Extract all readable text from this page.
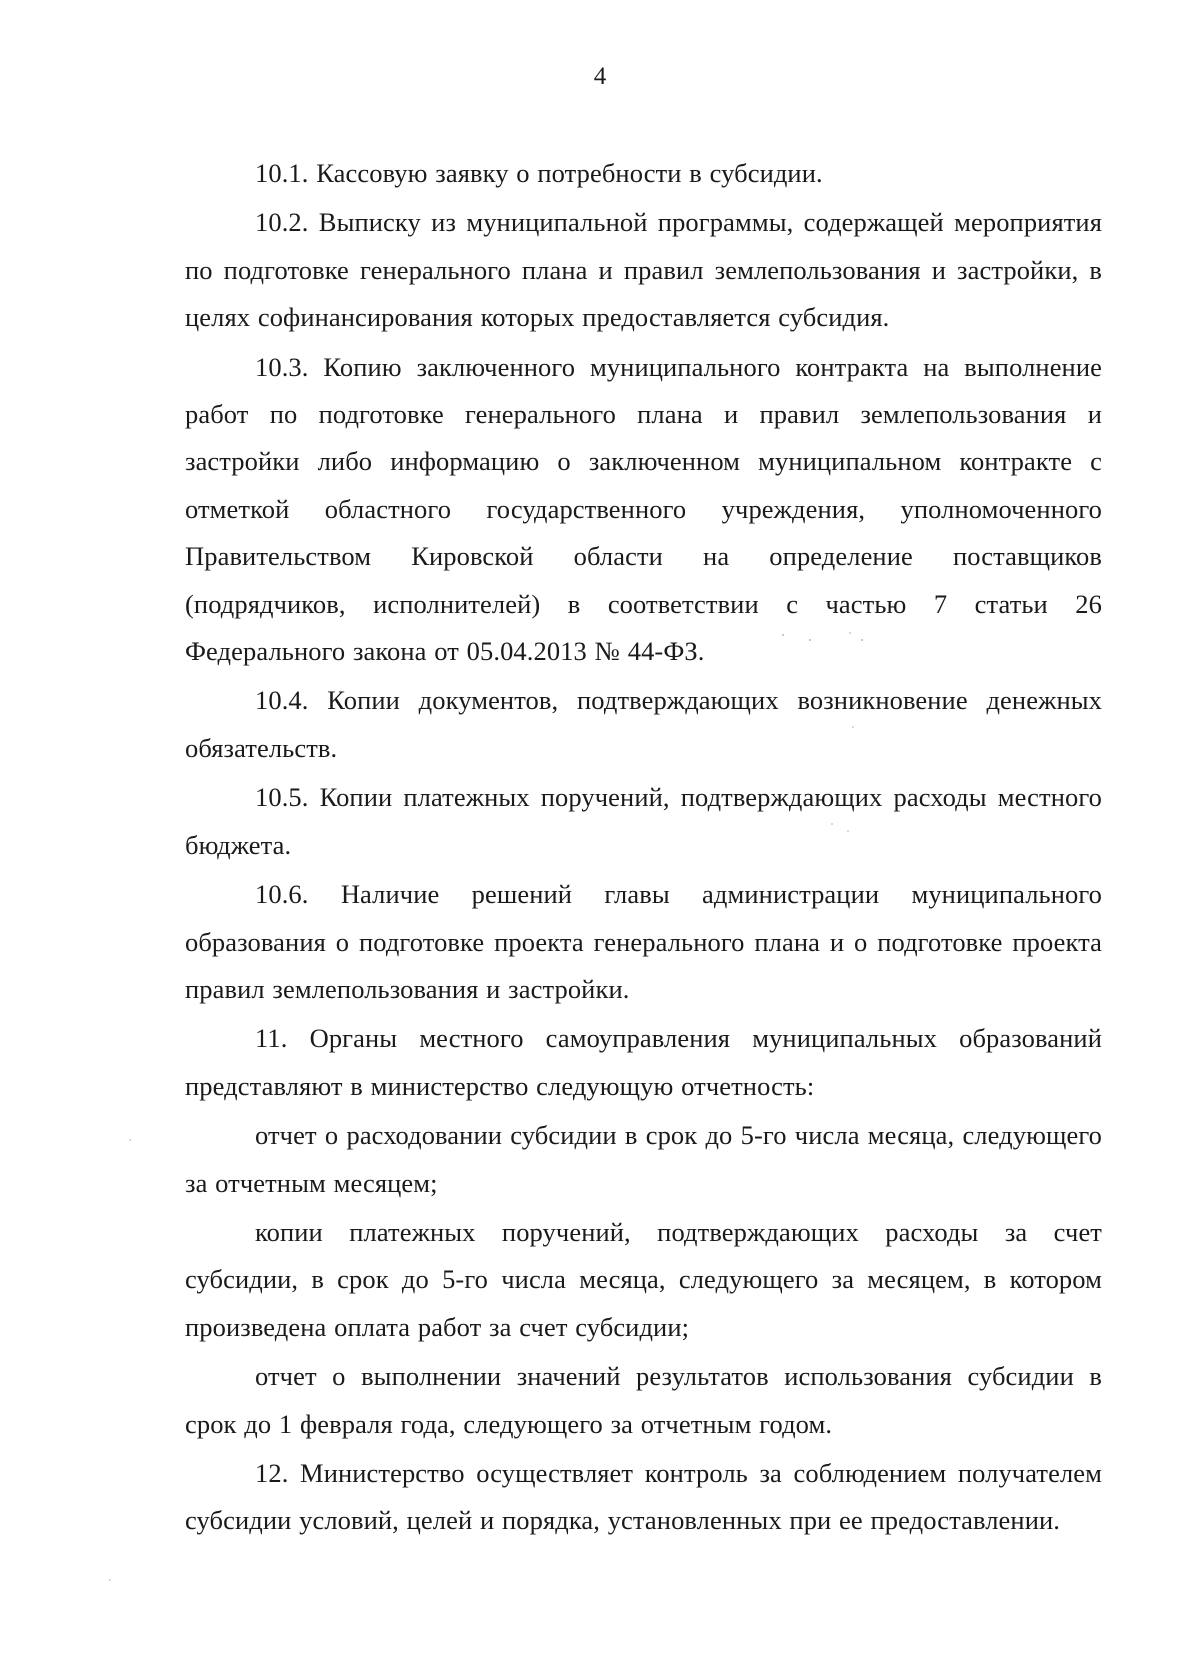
4

10.1. Кассовую заявку о потребности в субсидии.

10.2. Выписку из муниципальной программы, содержащей мероприятия по подготовке генерального плана и правил землепользования и застройки, в целях софинансирования которых предоставляется субсидия.

10.3. Копию заключенного муниципального контракта на выполнение работ по подготовке генерального плана и правил землепользования и застройки либо информацию о заключенном муниципальном контракте с отметкой областного государственного учреждения, уполномоченного Правительством Кировской области на определение поставщиков (подрядчиков, исполнителей) в соответствии с частью 7 статьи 26 Федерального закона от 05.04.2013 № 44-ФЗ.

10.4. Копии документов, подтверждающих возникновение денежных обязательств.

10.5. Копии платежных поручений, подтверждающих расходы местного бюджета.

10.6. Наличие решений главы администрации муниципального образования о подготовке проекта генерального плана и о подготовке проекта правил землепользования и застройки.

11. Органы местного самоуправления муниципальных образований представляют в министерство следующую отчетность:

отчет о расходовании субсидии в срок до 5-го числа месяца, следующего за отчетным месяцем;

копии платежных поручений, подтверждающих расходы за счет субсидии, в срок до 5-го числа месяца, следующего за месяцем, в котором произведена оплата работ за счет субсидии;

отчет о выполнении значений результатов использования субсидии в срок до 1 февраля года, следующего за отчетным годом.

12. Министерство осуществляет контроль за соблюдением получателем субсидии условий, целей и порядка, установленных при ее предоставлении.
